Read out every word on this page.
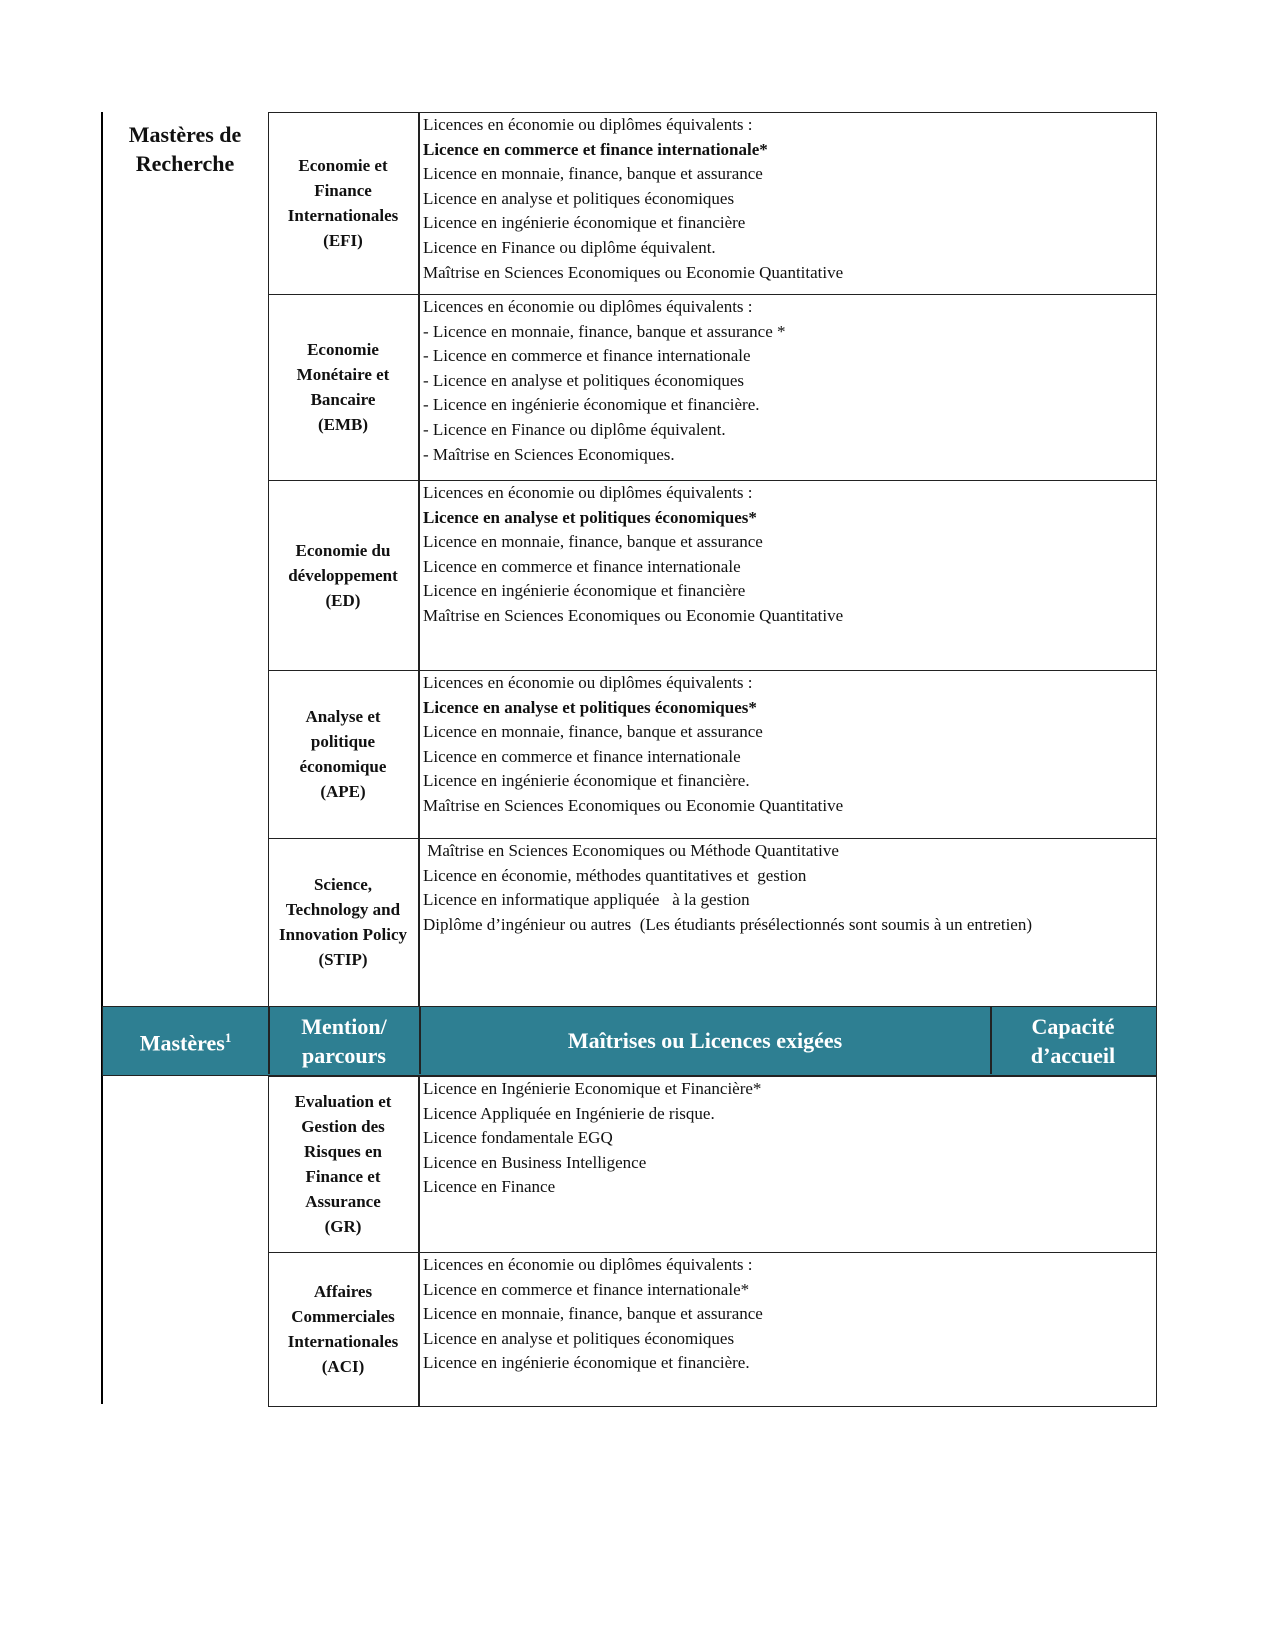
Mastères de Recherche	Economie et
Finance
Internationales
(EFI)
Licences en économie ou diplômes équivalents :
Licence en commerce et finance internationale*
Licence en monnaie, finance, banque et assurance
Licence en analyse et politiques économiques
Licence en ingénierie économique et financière
Licence en Finance ou diplôme équivalent.
Maîtrise en Sciences Economiques ou Economie Quantitative
Economie
Monétaire et
Bancaire
(EMB)
Licences en économie ou diplômes équivalents :
- Licence en monnaie, finance, banque et assurance *
- Licence en commerce et finance internationale
- Licence en analyse et politiques économiques
- Licence en ingénierie économique et financière.
- Licence en Finance ou diplôme équivalent.
- Maîtrise en Sciences Economiques.
Economie du
développement
(ED)
Licences en économie ou diplômes équivalents :
Licence en analyse et politiques économiques*
Licence en monnaie, finance, banque et assurance
Licence en commerce et finance internationale
Licence en ingénierie économique et financière
Maîtrise en Sciences Economiques ou Economie Quantitative
Analyse et
politique
économique
(APE)
Licences en économie ou diplômes équivalents :
Licence en analyse et politiques économiques*
Licence en monnaie, finance, banque et assurance
Licence en commerce et finance internationale
Licence en ingénierie économique et financière.
Maîtrise en Sciences Economiques ou Economie Quantitative
Science,
Technology and
Innovation Policy
(STIP)
Maîtrise en Sciences Economiques ou Méthode Quantitative
Licence en économie, méthodes quantitatives et  gestion
Licence en informatique appliquée   à la gestion
Diplôme d’ingénieur ou autres  (Les étudiants présélectionnés sont soumis à un entretien)
Mastères$^1$	Mention/
parcours
Maîtrises ou Licences exigées
Capacité
d’accueil
Evaluation et
Gestion des
Risques en
Finance et
Assurance
(GR)
Licence en Ingénierie Economique et Financière*
Licence Appliquée en Ingénierie de risque.
Licence fondamentale EGQ
Licence en Business Intelligence
Licence en Finance
Affaires
Commerciales
Internationales
(ACI)
Licences en économie ou diplômes équivalents :
Licence en commerce et finance internationale*
Licence en monnaie, finance, banque et assurance
Licence en analyse et politiques économiques
Licence en ingénierie économique et financière.
